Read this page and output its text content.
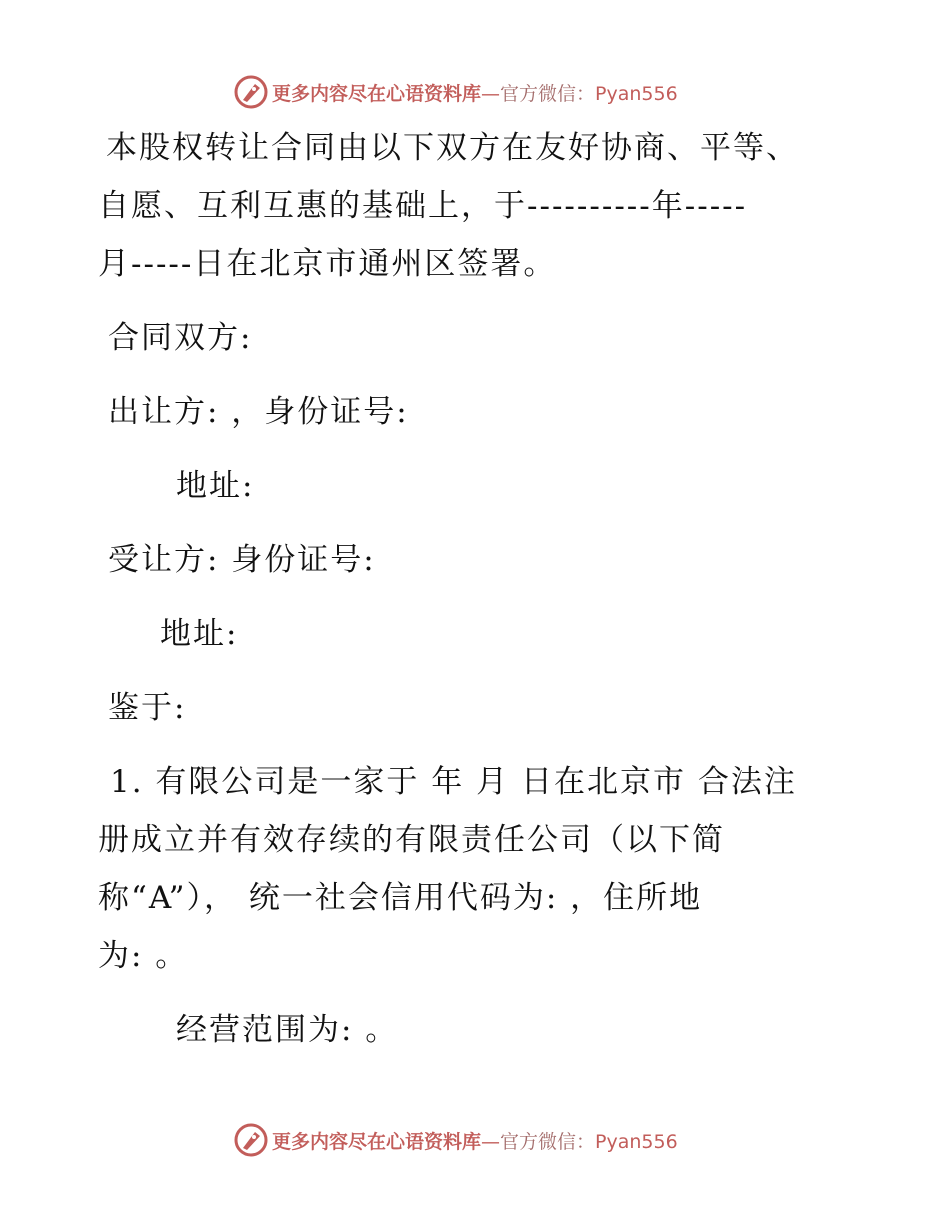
更多内容尽在心语资料库—官方微信：Pyan556
本股权转让合同由以下双方在友好协商、平等、
自愿、互利互惠的基础上，于----------年-----
月-----日在北京市通州区签署。
合同双方:
出让方: ，身份证号:
地址:
受让方: 身份证号:
地址:
鉴于:
1. 有限公司是一家于 年 月 日在北京市 合法注
册成立并有效存续的有限责任公司（以下简
称“A”）， 统一社会信用代码为: ，住所地
为: 。
经营范围为: 。
更多内容尽在心语资料库—官方微信：Pyan556
